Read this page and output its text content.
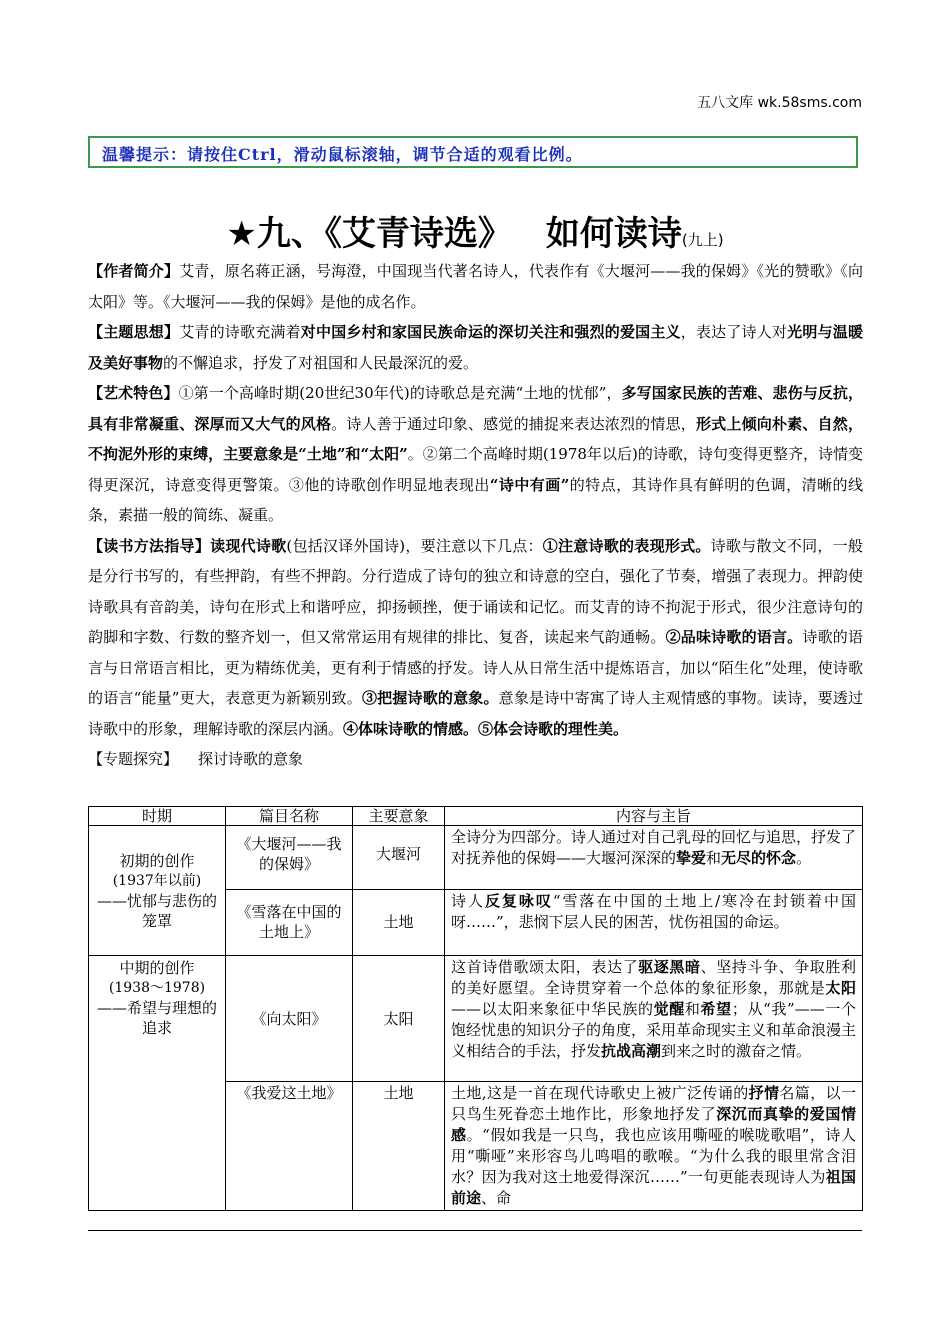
五八文库 wk.58sms.com
温馨提示：请按住Ctrl，滑动鼠标滚轴，调节合适的观看比例。
★九、《艾青诗选》 如何读诗(九上)

【作者简介】艾青，原名蒋正涵，号海澄，中国现当代著名诗人，代表作有《大堰河——我的保姆》《光的赞歌》《向太阳》等。《大堰河——我的保姆》是他的成名作。

【主题思想】艾青的诗歌充满着对中国乡村和家国民族命运的深切关注和强烈的爱国主义，表达了诗人对光明与温暖及美好事物的不懈追求，抒发了对祖国和人民最深沉的爱。

【艺术特色】①第一个高峰时期(20世纪30年代)的诗歌总是充满“土地的忧郁”，多写国家民族的苦难、悲伤与反抗，具有非常凝重、深厚而又大气的风格。诗人善于通过印象、感觉的捕捉来表达浓烈的情思，形式上倾向朴素、自然，不拘泥外形的束缚，主要意象是“土地”和“太阳”。②第二个高峰时期(1978年以后)的诗歌，诗句变得更整齐，诗情变得更深沉，诗意变得更警策。③他的诗歌创作明显地表现出“诗中有画”的特点，其诗作具有鲜明的色调，清晰的线条，素描一般的简练、凝重。

【读书方法指导】读现代诗歌(包括汉译外国诗)，要注意以下几点：①注意诗歌的表现形式。诗歌与散文不同，一般是分行书写的，有些押韵，有些不押韵。分行造成了诗句的独立和诗意的空白，强化了节奏，增强了表现力。押韵使诗歌具有音韵美，诗句在形式上和谐呼应，抑扬顿挫，便于诵读和记忆。而艾青的诗不拘泥于形式，很少注意诗句的韵脚和字数、行数的整齐划一，但又常常运用有规律的排比、复沓，读起来气韵通畅。②品味诗歌的语言。诗歌的语言与日常语言相比，更为精练优美，更有利于情感的抒发。诗人从日常生活中提炼语言，加以“陌生化”处理，使诗歌的语言“能量”更大，表意更为新颖别致。③把握诗歌的意象。意象是诗中寄寓了诗人主观情感的事物。读诗，要透过诗歌中的形象，理解诗歌的深层内涵。④体味诗歌的情感。⑤体会诗歌的理性美。

【专题探究】 探讨诗歌的意象

时期	篇目名称	主要意象	内容与主旨

初期的创作
(1937年以前)
——忧郁与悲伤的笼罩	《大堰河——我的保姆》	大堰河	全诗分为四部分。诗人通过对自己乳母的回忆与追思，抒发了对抚养他的保姆——大堰河深深的挚爱和无尽的怀念。
	《雪落在中国的土地上》	土地	诗人反复咏叹“雪落在中国的土地上/寒冷在封锁着中国呀……”，悲悯下层人民的困苦，忧伤祖国的命运。

中期的创作
(1938～1978)
——希望与理想的追求	《向太阳》	太阳	这首诗借歌颂太阳，表达了驱逐黑暗、坚持斗争、争取胜利的美好愿望。全诗贯穿着一个总体的象征形象，那就是太阳——以太阳来象征中华民族的觉醒和希望；从“我”——一个饱经忧患的知识分子的角度，采用革命现实主义和革命浪漫主义相结合的手法，抒发抗战高潮到来之时的激奋之情。
	《我爱这土地》	土地	土地,这是一首在现代诗歌史上被广泛传诵的抒情名篇，以一只鸟生死眷恋土地作比，形象地抒发了深沉而真挚的爱国情感。“假如我是一只鸟，我也应该用嘶哑的喉咙歌唱”，诗人用“嘶哑”来形容鸟儿鸣唱的歌喉。“为什么我的眼里常含泪水？因为我对这土地爱得深沉……”一句更能表现诗人为祖国前途、命
